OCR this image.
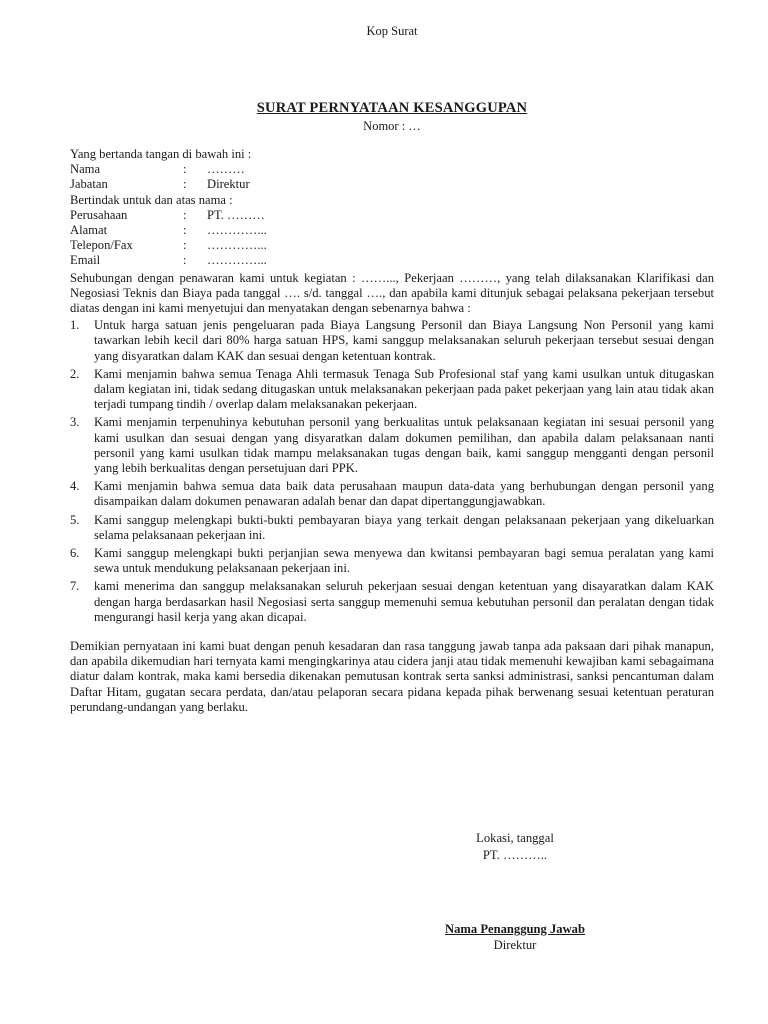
Kop Surat
SURAT PERNYATAAN KESANGGUPAN
Nomor : …
Yang bertanda tangan di bawah ini :
Nama	:	………
Jabatan	:	Direktur
Bertindak untuk dan atas nama :
Perusahaan	:	PT. ………
Alamat	:	…………...
Telepon/Fax	:	…………...
Email	:	…………...
Sehubungan dengan penawaran kami untuk kegiatan : ……..., Pekerjaan ………, yang telah dilaksanakan Klarifikasi dan Negosiasi Teknis dan Biaya pada tanggal …. s/d. tanggal …., dan apabila kami ditunjuk sebagai pelaksana pekerjaan tersebut diatas dengan ini kami menyetujui dan menyatakan dengan sebenarnya bahwa :
1. Untuk harga satuan jenis pengeluaran pada Biaya Langsung Personil dan Biaya Langsung Non Personil yang kami tawarkan lebih kecil dari 80% harga satuan HPS, kami sanggup melaksanakan seluruh pekerjaan tersebut sesuai dengan yang disyaratkan dalam KAK dan sesuai dengan ketentuan kontrak.
2. Kami menjamin bahwa semua Tenaga Ahli termasuk Tenaga Sub Profesional staf yang kami usulkan untuk ditugaskan dalam kegiatan ini, tidak sedang ditugaskan untuk melaksanakan pekerjaan pada paket pekerjaan yang lain atau tidak akan terjadi tumpang tindih / overlap dalam melaksanakan pekerjaan.
3. Kami menjamin terpenuhinya kebutuhan personil yang berkualitas untuk pelaksanaan kegiatan ini sesuai personil yang kami usulkan dan sesuai dengan yang disyaratkan dalam dokumen pemilihan, dan apabila dalam pelaksanaan nanti personil yang kami usulkan tidak mampu melaksanakan tugas dengan baik, kami sanggup mengganti dengan personil yang lebih berkualitas dengan persetujuan dari PPK.
4. Kami menjamin bahwa semua data baik data perusahaan maupun data-data yang berhubungan dengan personil yang disampaikan dalam dokumen penawaran adalah benar dan dapat dipertanggungjawabkan.
5. Kami sanggup melengkapi bukti-bukti pembayaran biaya yang terkait dengan pelaksanaan pekerjaan yang dikeluarkan selama pelaksanaan pekerjaan ini.
6. Kami sanggup melengkapi bukti perjanjian sewa menyewa dan kwitansi pembayaran bagi semua peralatan yang kami sewa untuk mendukung pelaksanaan pekerjaan ini.
7. kami menerima dan sanggup melaksanakan seluruh pekerjaan sesuai dengan ketentuan yang disayaratkan dalam KAK dengan harga berdasarkan hasil Negosiasi serta sanggup memenuhi semua kebutuhan personil dan peralatan dengan tidak mengurangi hasil kerja yang akan dicapai.
Demikian pernyataan ini kami buat dengan penuh kesadaran dan rasa tanggung jawab tanpa ada paksaan dari pihak manapun, dan apabila dikemudian hari ternyata kami mengingkarinya atau cidera janji atau tidak memenuhi kewajiban kami sebagaimana diatur dalam kontrak, maka kami bersedia dikenakan pemutusan kontrak serta sanksi administrasi, sanksi pencantuman dalam Daftar Hitam, gugatan secara perdata, dan/atau pelaporan secara pidana kepada pihak berwenang sesuai ketentuan peraturan perundang-undangan yang berlaku.
Lokasi, tanggal
PT. ………..
Nama Penanggung Jawab
Direktur
